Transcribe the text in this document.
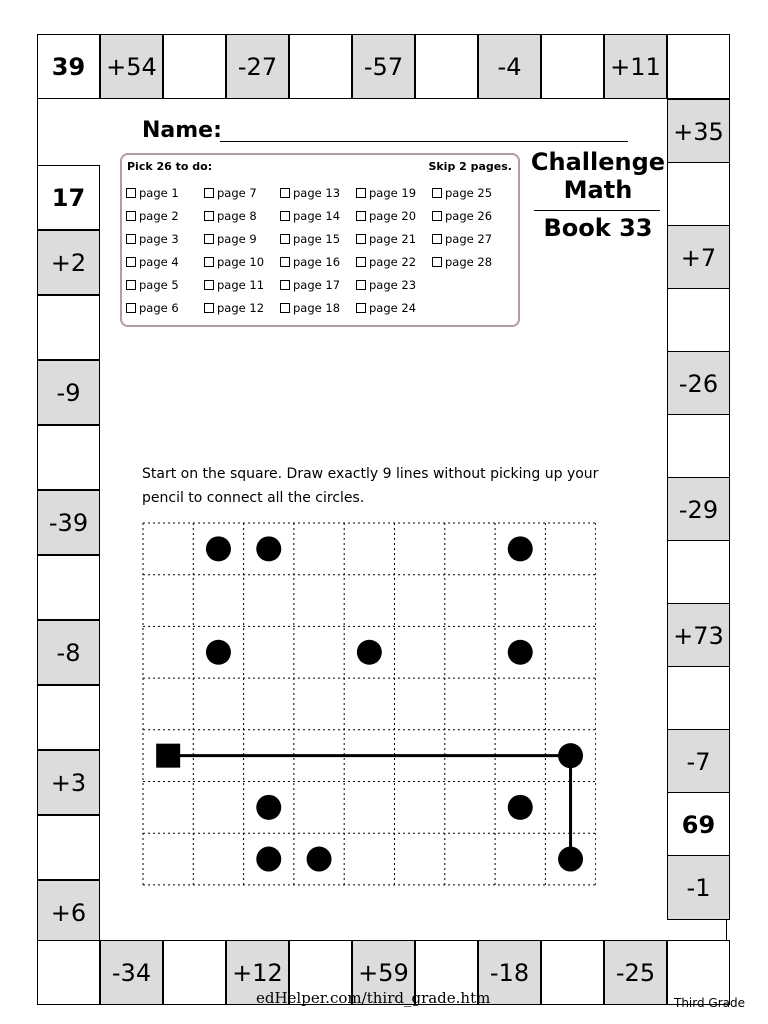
39 +54	-27	-57	-4	+11
+35
+7
-26
-29
+73
-7
69
-1
17
+2
-9
-39
-8
+3
+6
-34	+12	+59	-18	-25
Name:
Pick 26 to do:	Skip 2 pages.
page 1
page 2
page 3
page 4
page 5
page 6
page 7
page 8
page 9
page 10
page 11
page 12
page 13
page 14
page 15
page 16
page 17
page 18
page 19
page 20
page 21
page 22
page 23
page 24
page 25
page 26
page 27
page 28
Challenge
Math
Book 33
Start on the square. Draw exactly 9 lines without picking up your pencil to connect all the circles.
edHelper.com/third_grade.htm	Third Grade
